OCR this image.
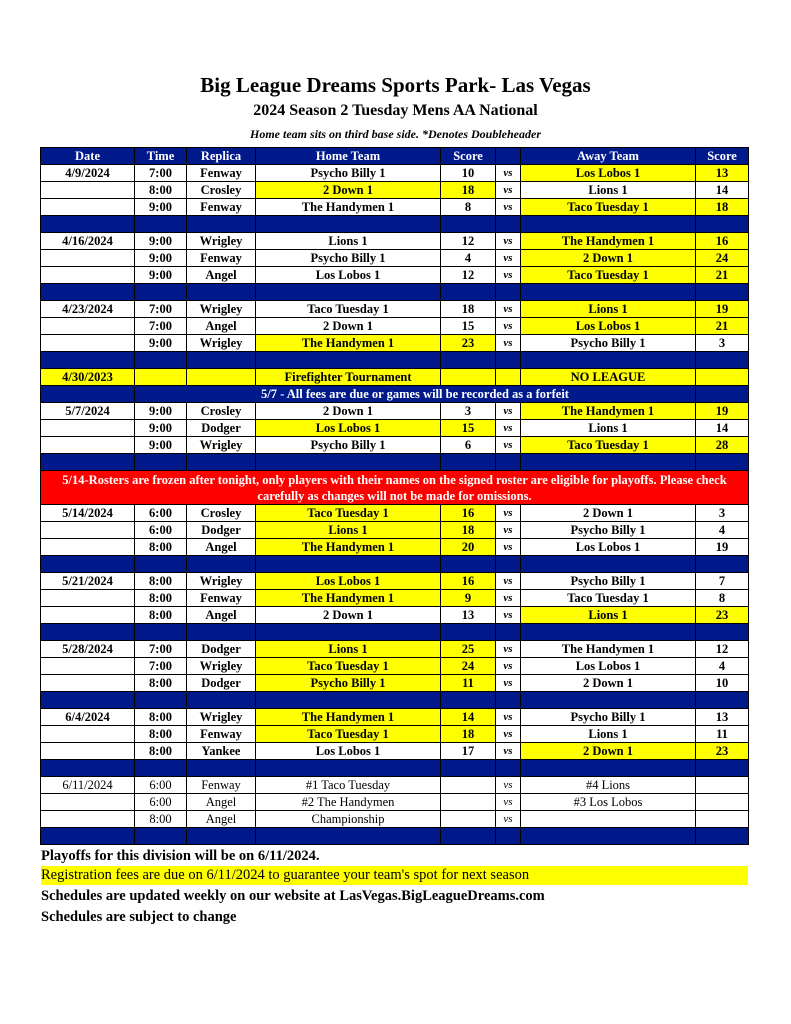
Big League Dreams Sports Park- Las Vegas
2024 Season 2 Tuesday Mens AA National
Home team sits on third base side. *Denotes Doubleheader
Date	Time	Replica	Home Team	Score		Away Team	Score
4/9/2024	7:00	Fenway	Psycho Billy 1	10	vs	Los Lobos 1	13
	8:00	Crosley	2 Down 1	18	vs	Lions 1	14
	9:00	Fenway	The Handymen 1	8	vs	Taco Tuesday 1	18

4/16/2024	9:00	Wrigley	Lions 1	12	vs	The Handymen 1	16
	9:00	Fenway	Psycho Billy 1	4	vs	2 Down 1	24
	9:00	Angel	Los Lobos 1	12	vs	Taco Tuesday 1	21

4/23/2024	7:00	Wrigley	Taco Tuesday 1	18	vs	Lions 1	19
	7:00	Angel	2 Down 1	15	vs	Los Lobos 1	21
	9:00	Wrigley	The Handymen 1	23	vs	Psycho Billy 1	3

4/30/2023			Firefighter Tournament			NO LEAGUE	
	5/7 - All fees are due or games will be recorded as a forfeit						
5/7/2024	9:00	Crosley	2 Down 1	3	vs	The Handymen 1	19
	9:00	Dodger	Los Lobos 1	15	vs	Lions 1	14
	9:00	Wrigley	Psycho Billy 1	6	vs	Taco Tuesday 1	28

5/14-Rosters are frozen after tonight, only players with their names on the signed roster are eligible for playoffs. Please check carefully as changes will not be made for omissions.							
5/14/2024	6:00	Crosley	Taco Tuesday 1	16	vs	2 Down 1	3
	6:00	Dodger	Lions 1	18	vs	Psycho Billy 1	4
	8:00	Angel	The Handymen 1	20	vs	Los Lobos 1	19

5/21/2024	8:00	Wrigley	Los Lobos 1	16	vs	Psycho Billy 1	7
	8:00	Fenway	The Handymen 1	9	vs	Taco Tuesday 1	8
	8:00	Angel	2 Down 1	13	vs	Lions 1	23

5/28/2024	7:00	Dodger	Lions 1	25	vs	The Handymen 1	12
	7:00	Wrigley	Taco Tuesday 1	24	vs	Los Lobos 1	4
	8:00	Dodger	Psycho Billy 1	11	vs	2 Down 1	10

6/4/2024	8:00	Wrigley	The Handymen 1	14	vs	Psycho Billy 1	13
	8:00	Fenway	Taco Tuesday 1	18	vs	Lions 1	11
	8:00	Yankee	Los Lobos 1	17	vs	2 Down 1	23

6/11/2024	6:00	Fenway	#1 Taco Tuesday		vs	#4 Lions	
	6:00	Angel	#2 The Handymen		vs	#3 Los Lobos	
	8:00	Angel	Championship		vs		

Playoffs for this division will be on 6/11/2024.
Registration fees are due on 6/11/2024 to guarantee your team's spot for next season
Schedules are updated weekly on our website at LasVegas.BigLeagueDreams.com
Schedules are subject to change
